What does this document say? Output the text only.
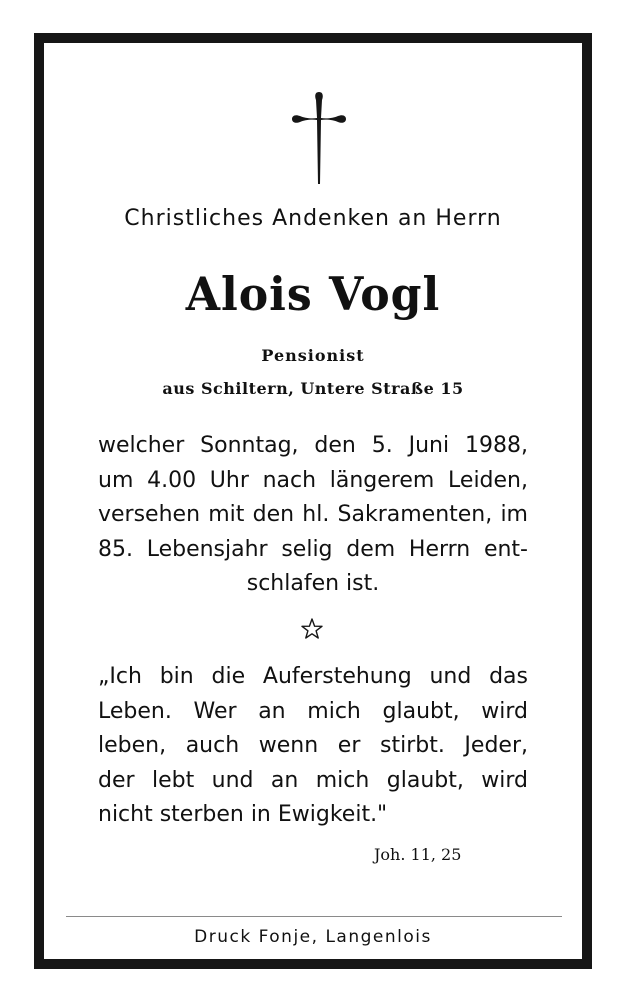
Christliches Andenken an Herrn
Alois Vogl
Pensionist
aus Schiltern, Untere Straße 15
welcher Sonntag, den 5. Juni 1988,
um 4.00 Uhr nach längerem Leiden,
versehen mit den hl. Sakramenten, im
85. Lebensjahr selig dem Herrn ent-
schlafen ist.
„Ich bin die Auferstehung und das
Leben. Wer an mich glaubt, wird
leben, auch wenn er stirbt. Jeder,
der lebt und an mich glaubt, wird
nicht sterben in Ewigkeit."
Joh. 11, 25
Druck Fonje, Langenlois
